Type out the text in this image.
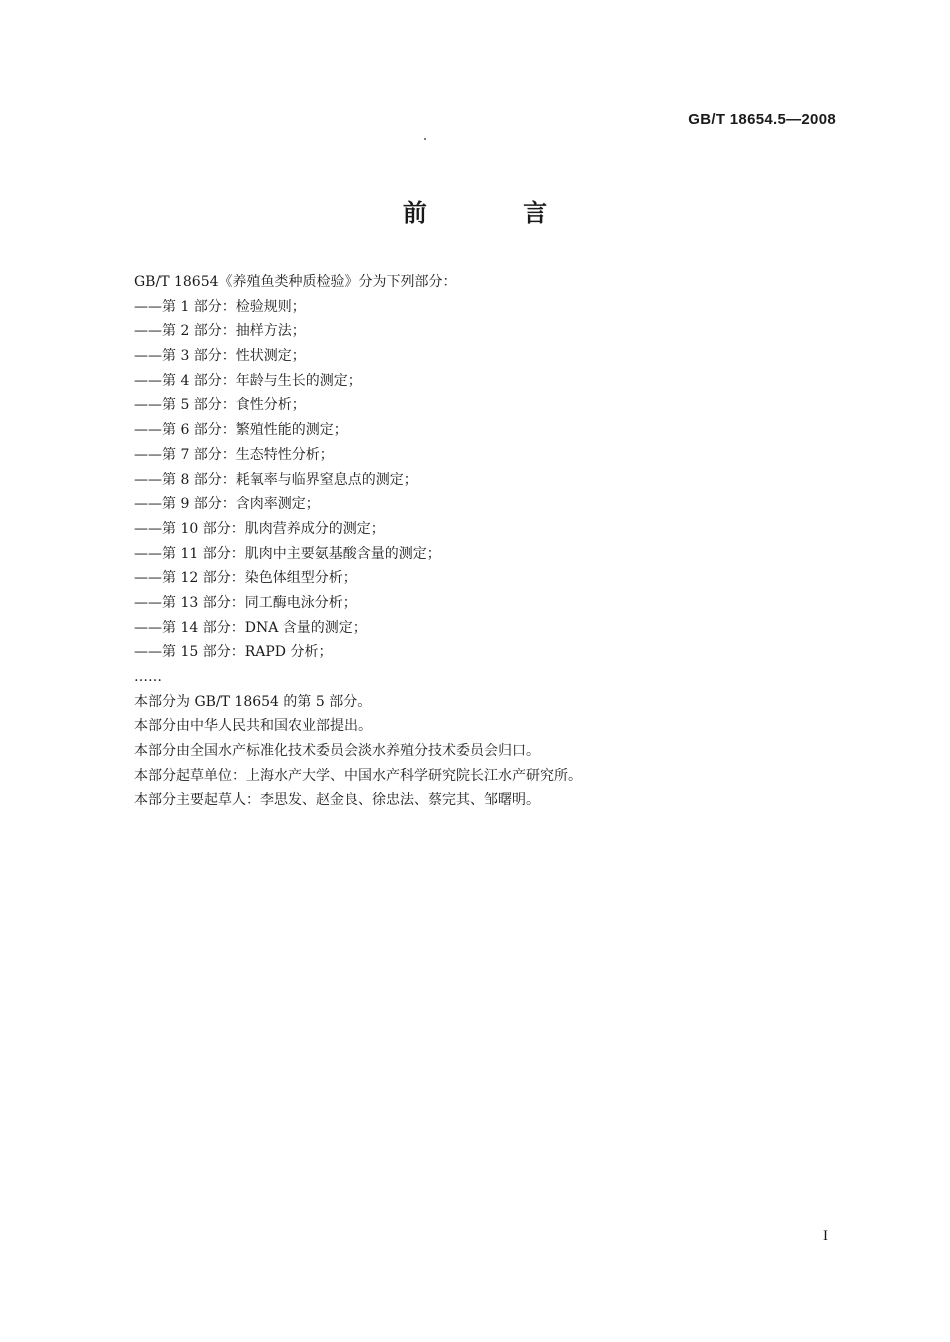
GB/T 18654.5—2008
前 言
GB/T 18654《养殖鱼类种质检验》分为下列部分：
——第 1 部分：检验规则；
——第 2 部分：抽样方法；
——第 3 部分：性状测定；
——第 4 部分：年龄与生长的测定；
——第 5 部分：食性分析；
——第 6 部分：繁殖性能的测定；
——第 7 部分：生态特性分析；
——第 8 部分：耗氧率与临界窒息点的测定；
——第 9 部分：含肉率测定；
——第 10 部分：肌肉营养成分的测定；
——第 11 部分：肌肉中主要氨基酸含量的测定；
——第 12 部分：染色体组型分析；
——第 13 部分：同工酶电泳分析；
——第 14 部分：DNA 含量的测定；
——第 15 部分：RAPD 分析；
……
本部分为 GB/T 18654 的第 5 部分。
本部分由中华人民共和国农业部提出。
本部分由全国水产标准化技术委员会淡水养殖分技术委员会归口。
本部分起草单位：上海水产大学、中国水产科学研究院长江水产研究所。
本部分主要起草人：李思发、赵金良、徐忠法、蔡完其、邹曙明。
I
